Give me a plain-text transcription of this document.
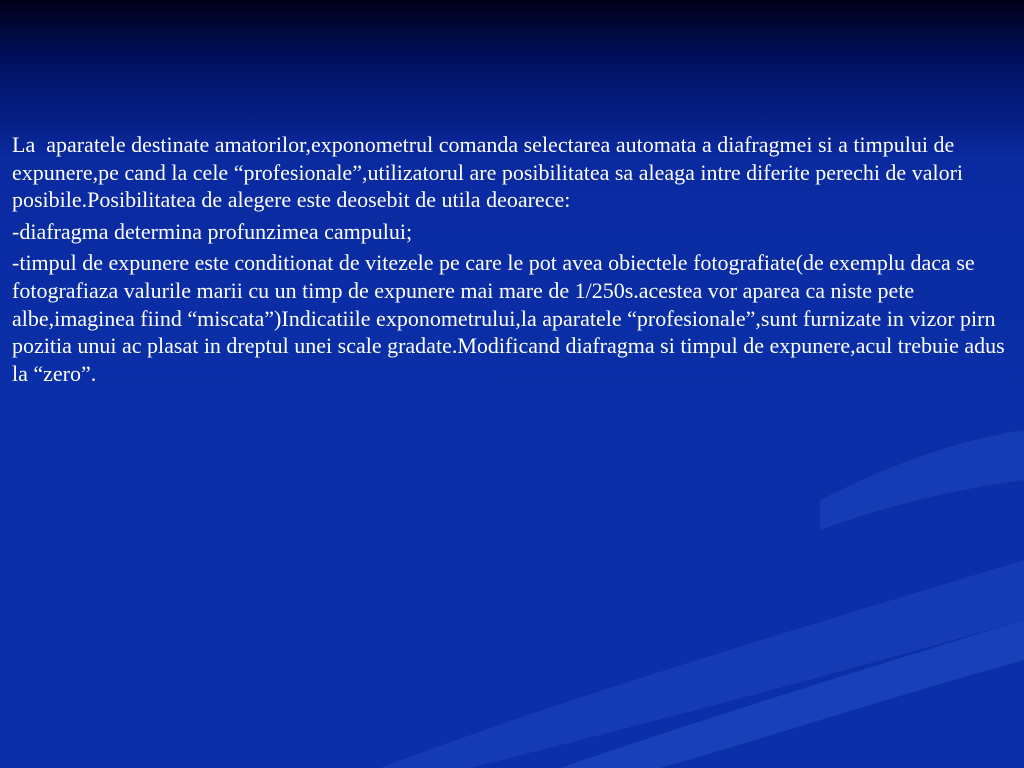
La  aparatele destinate amatorilor,exponometrul comanda selectarea automata a diafragmei si a timpului de expunere,pe cand la cele “profesionale”,utilizatorul are posibilitatea sa aleaga intre diferite perechi de valori posibile.Posibilitatea de alegere este deosebit de utila deoarece:

-diafragma determina profunzimea campului;

-timpul de expunere este conditionat de vitezele pe care le pot avea obiectele fotografiate(de exemplu daca se fotografiaza valurile marii cu un timp de expunere mai mare de 1/250s.acestea vor aparea ca niste pete albe,imaginea fiind “miscata”)Indicatiile exponometrului,la aparatele “profesionale”,sunt furnizate in vizor pirn pozitia unui ac plasat in dreptul unei scale gradate.Modificand diafragma si timpul de expunere,acul trebuie adus la “zero”.
